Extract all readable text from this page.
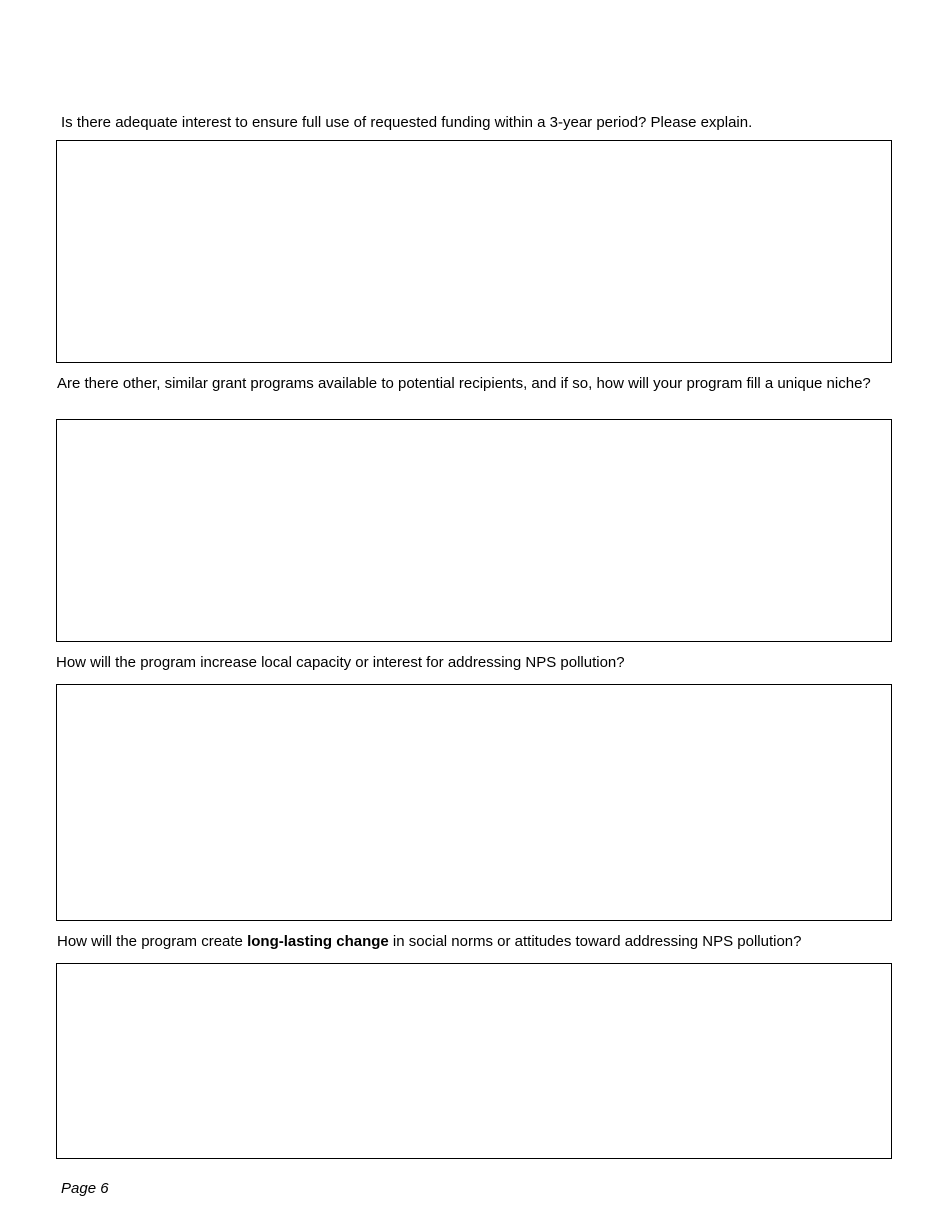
Is there adequate interest to ensure full use of requested funding within a 3-year period? Please explain.

Are there other, similar grant programs available to potential recipients, and if so, how will your program fill a unique niche?

How will the program increase local capacity or interest for addressing NPS pollution?

How will the program create long-lasting change in social norms or attitudes toward addressing NPS pollution?

Page 6
